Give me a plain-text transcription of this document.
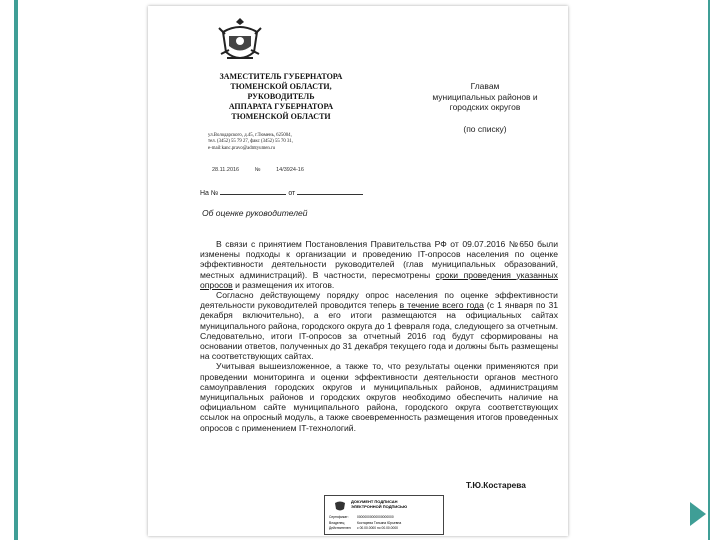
ЗАМЕСТИТЕЛЬ ГУБЕРНАТОРА
ТЮМЕНСКОЙ ОБЛАСТИ,
РУКОВОДИТЕЛЬ
АППАРАТА ГУБЕРНАТОРА
ТЮМЕНСКОЙ ОБЛАСТИ
ул.Володарского, д.45, г.Тюмень, 625004,
тел. (3452) 55 79 27, факс (3452) 55 70 31,
e-mail:kanc.pravo@admtyumen.ru
28.11.2016	№	14/3924-16
На №	от
Об оценке руководителей
Главам
муниципальных районов и
городских округов
(по списку)

В связи с принятием Постановления Правительства РФ от 09.07.2016 №650 были изменены подходы к организации и проведению IT-опросов населения по оценке эффективности деятельности руководителей (глав муниципальных образований, местных администраций). В частности, пересмотрены сроки проведения указанных опросов и размещения их итогов.

Согласно действующему порядку опрос населения по оценке эффективности деятельности руководителей проводится теперь в течение всего года (с 1 января по 31 декабря включительно), а его итоги размещаются на официальных сайтах муниципального района, городского округа до 1 февраля года, следующего за отчетным. Следовательно, итоги IT-опросов за отчетный 2016 год будут сформированы на основании ответов, полученных до 31 декабря текущего года и должны быть размещены на соответствующих сайтах.

Учитывая вышеизложенное, а также то, что результаты оценки применяются при проведении мониторинга и оценки эффективности деятельности органов местного самоуправления городских округов и муниципальных районов, администрациям муниципальных районов и городских округов необходимо обеспечить наличие на официальном сайте муниципального района, городского округа соответствующих ссылок на опросный модуль, а также своевременность размещения итогов проведенных опросов с применением IT-технологий.

Т.Ю.Костарева
ДОКУМЕНТ ПОДПИСАН
ЭЛЕКТРОННОЙ ПОДПИСЬЮ
Сертификат:	00000000000000000000
Владелец:	Костарева Татьяна Юрьевна
Действителен:	с 00.00.0000 по 00.00.0000
